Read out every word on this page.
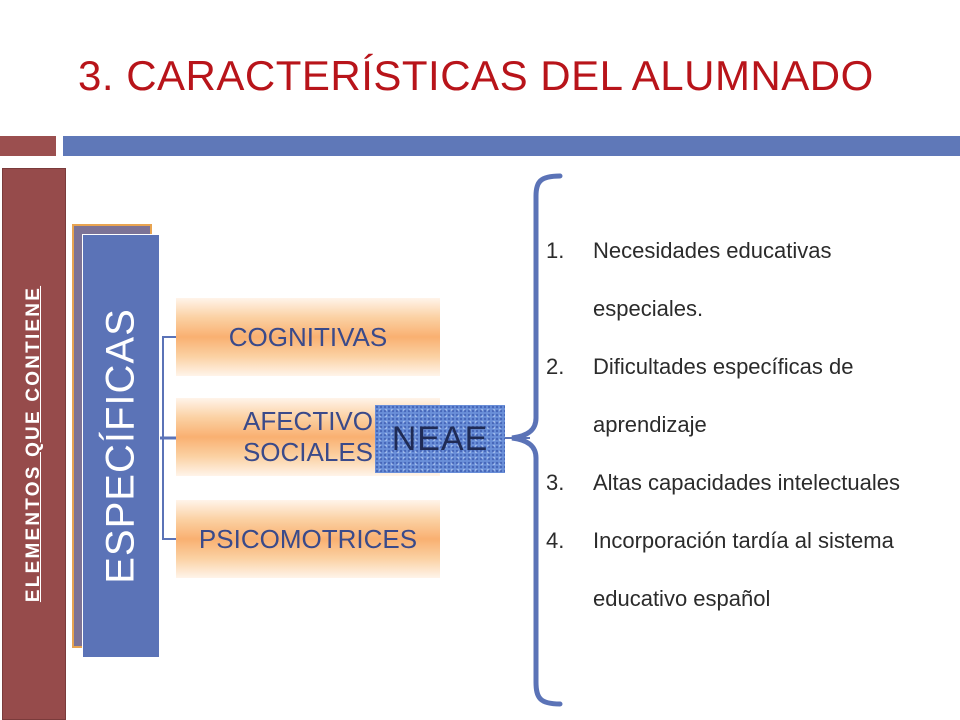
3. CARACTERÍSTICAS DEL ALUMNADO
ELEMENTOS QUE CONTIENE ESPECÍFICAS	COGNITIVAS
AFECTIVO
SOCIALES
PSICOMOTRICES
NEAE
1.	Necesidades educativas especiales.
2.	Dificultades específicas de aprendizaje
3.	Altas capacidades intelectuales
4.	Incorporación tardía al sistema educativo español
